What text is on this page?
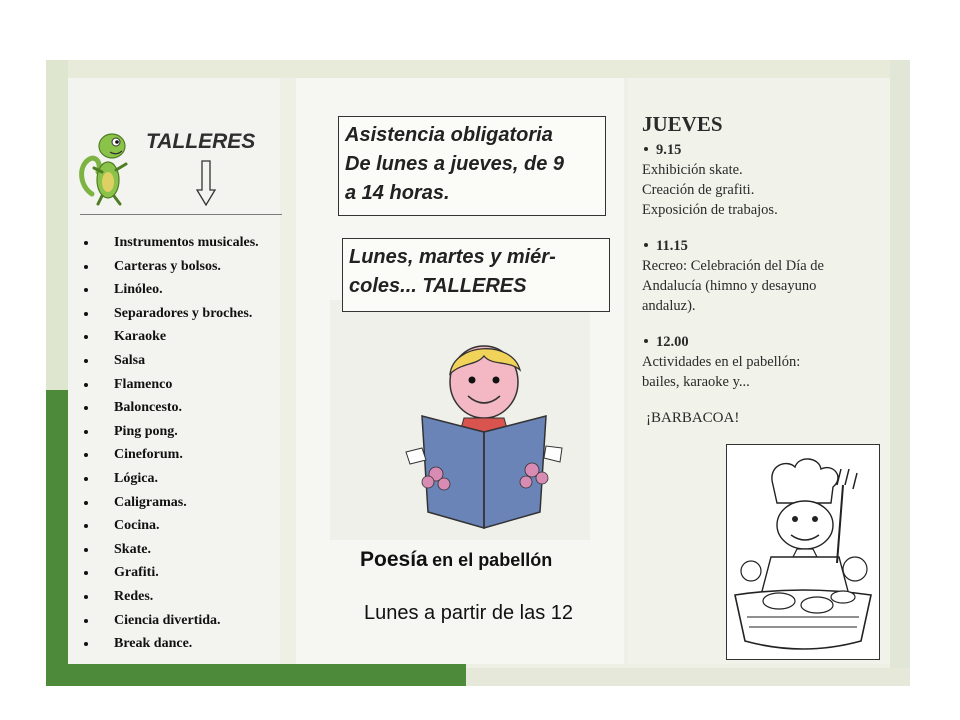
TALLERES
Instrumentos musicales.
Carteras y bolsos.
Linóleo.
Separadores y broches.
Karaoke
Salsa
Flamenco
Baloncesto.
Ping pong.
Cineforum.
Lógica.
Caligramas.
Cocina.
Skate.
Grafiti.
Redes.
Ciencia divertida.
Break dance.
Asistencia obligatoria
De lunes a jueves, de 9
a 14 horas.
Lunes, martes y miér-
coles... TALLERES
Poesía en el pabellón
Lunes a partir de las 12
JUEVES
9.15
Exhibición skate.
Creación de grafiti.
Exposición de trabajos.
11.15
Recreo: Celebración del Día de
Andalucía (himno y desayuno
andaluz).
12.00
Actividades en el pabellón:
bailes, karaoke y...
¡BARBACOA!
